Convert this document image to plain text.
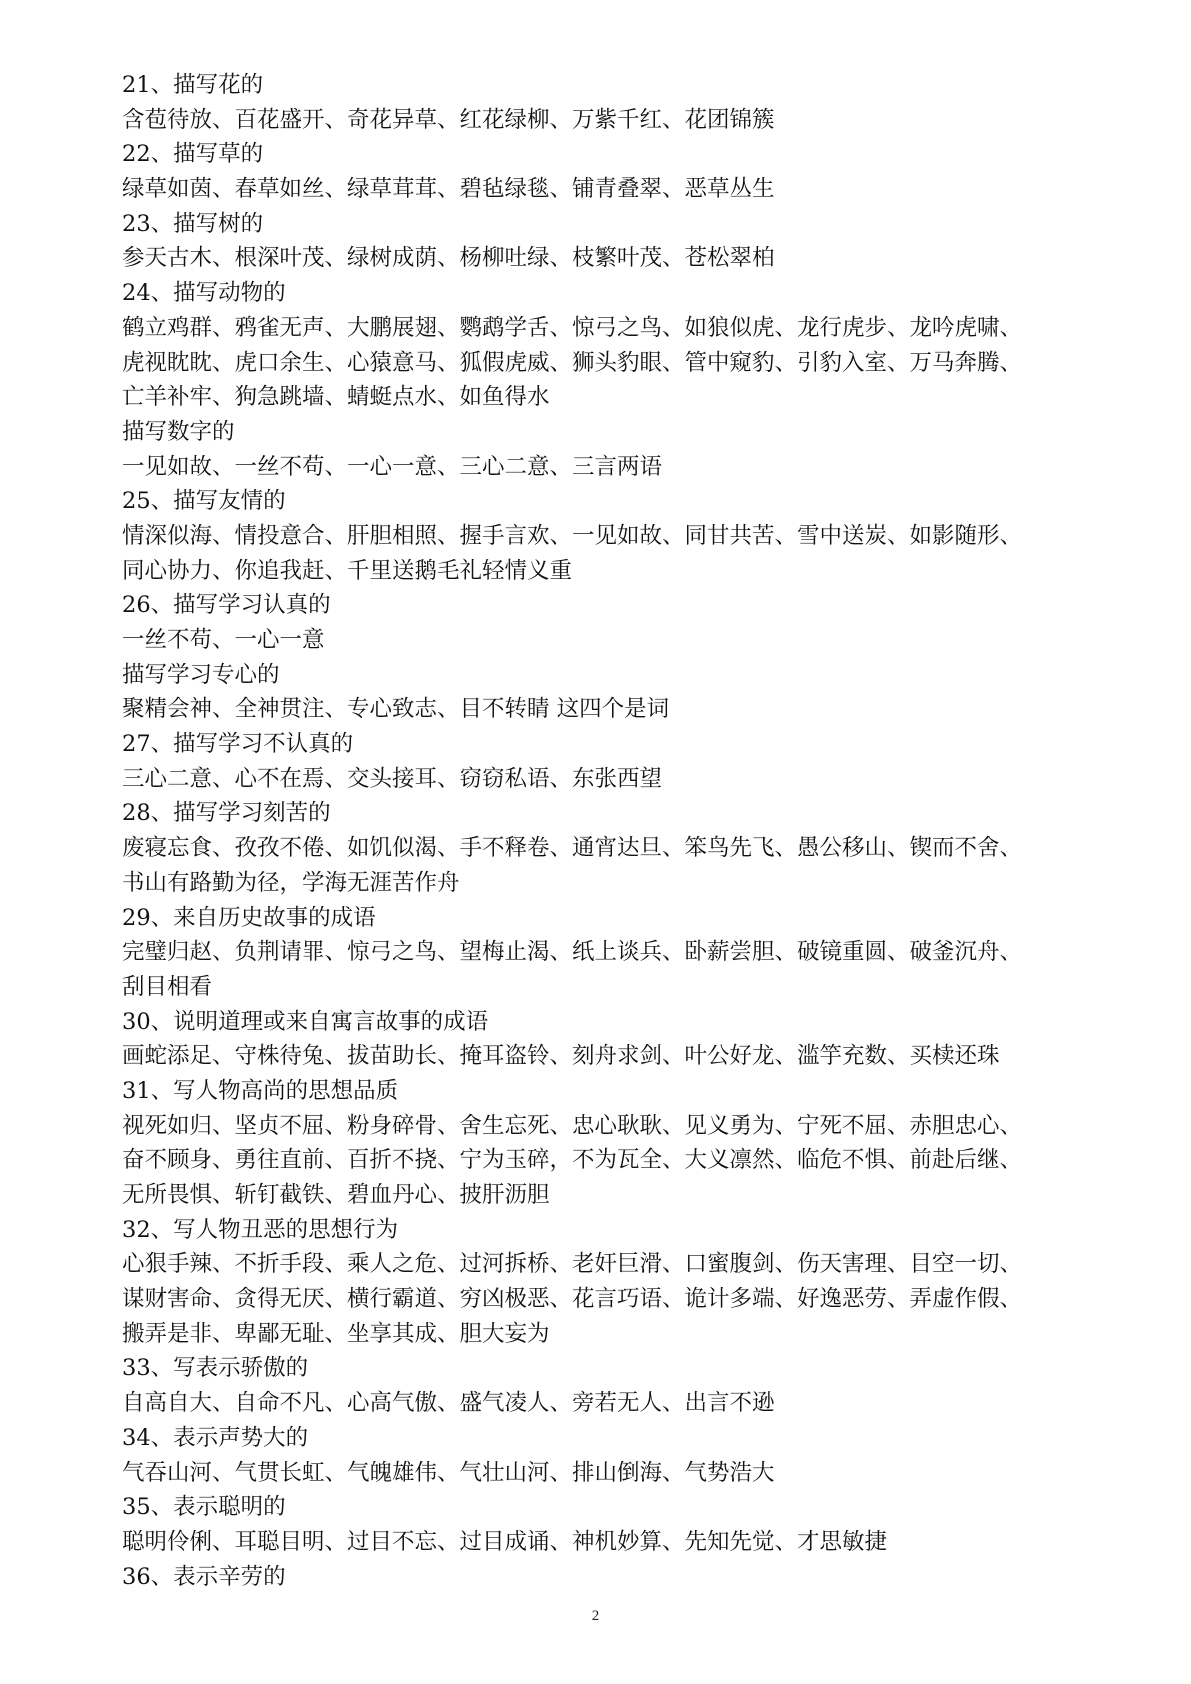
21、描写花的
含苞待放、百花盛开、奇花异草、红花绿柳、万紫千红、花团锦簇
22、描写草的
绿草如茵、春草如丝、绿草茸茸、碧毡绿毯、铺青叠翠、恶草丛生
23、描写树的
参天古木、根深叶茂、绿树成荫、杨柳吐绿、枝繁叶茂、苍松翠柏
24、描写动物的
鹤立鸡群、鸦雀无声、大鹏展翅、鹦鹉学舌、惊弓之鸟、如狼似虎、龙行虎步、龙吟虎啸、
虎视眈眈、虎口余生、心猿意马、狐假虎威、狮头豹眼、管中窥豹、引豹入室、万马奔腾、
亡羊补牢、狗急跳墙、蜻蜓点水、如鱼得水
描写数字的
一见如故、一丝不苟、一心一意、三心二意、三言两语
25、描写友情的
情深似海、情投意合、肝胆相照、握手言欢、一见如故、同甘共苦、雪中送炭、如影随形、
同心协力、你追我赶、千里送鹅毛礼轻情义重
26、描写学习认真的
一丝不苟、一心一意
描写学习专心的
聚精会神、全神贯注、专心致志、目不转睛 这四个是词
27、描写学习不认真的
三心二意、心不在焉、交头接耳、窃窃私语、东张西望
28、描写学习刻苦的
废寝忘食、孜孜不倦、如饥似渴、手不释卷、通宵达旦、笨鸟先飞、愚公移山、锲而不舍、
书山有路勤为径，学海无涯苦作舟
29、来自历史故事的成语
完璧归赵、负荆请罪、惊弓之鸟、望梅止渴、纸上谈兵、卧薪尝胆、破镜重圆、破釜沉舟、
刮目相看
30、说明道理或来自寓言故事的成语
画蛇添足、守株待兔、拔苗助长、掩耳盗铃、刻舟求剑、叶公好龙、滥竽充数、买椟还珠
31、写人物高尚的思想品质
视死如归、坚贞不屈、粉身碎骨、舍生忘死、忠心耿耿、见义勇为、宁死不屈、赤胆忠心、
奋不顾身、勇往直前、百折不挠、宁为玉碎，不为瓦全、大义凛然、临危不惧、前赴后继、
无所畏惧、斩钉截铁、碧血丹心、披肝沥胆
32、写人物丑恶的思想行为
心狠手辣、不折手段、乘人之危、过河拆桥、老奸巨滑、口蜜腹剑、伤天害理、目空一切、
谋财害命、贪得无厌、横行霸道、穷凶极恶、花言巧语、诡计多端、好逸恶劳、弄虚作假、
搬弄是非、卑鄙无耻、坐享其成、胆大妄为
33、写表示骄傲的
自高自大、自命不凡、心高气傲、盛气凌人、旁若无人、出言不逊
34、表示声势大的
气吞山河、气贯长虹、气魄雄伟、气壮山河、排山倒海、气势浩大
35、表示聪明的
聪明伶俐、耳聪目明、过目不忘、过目成诵、神机妙算、先知先觉、才思敏捷
36、表示辛劳的
2
